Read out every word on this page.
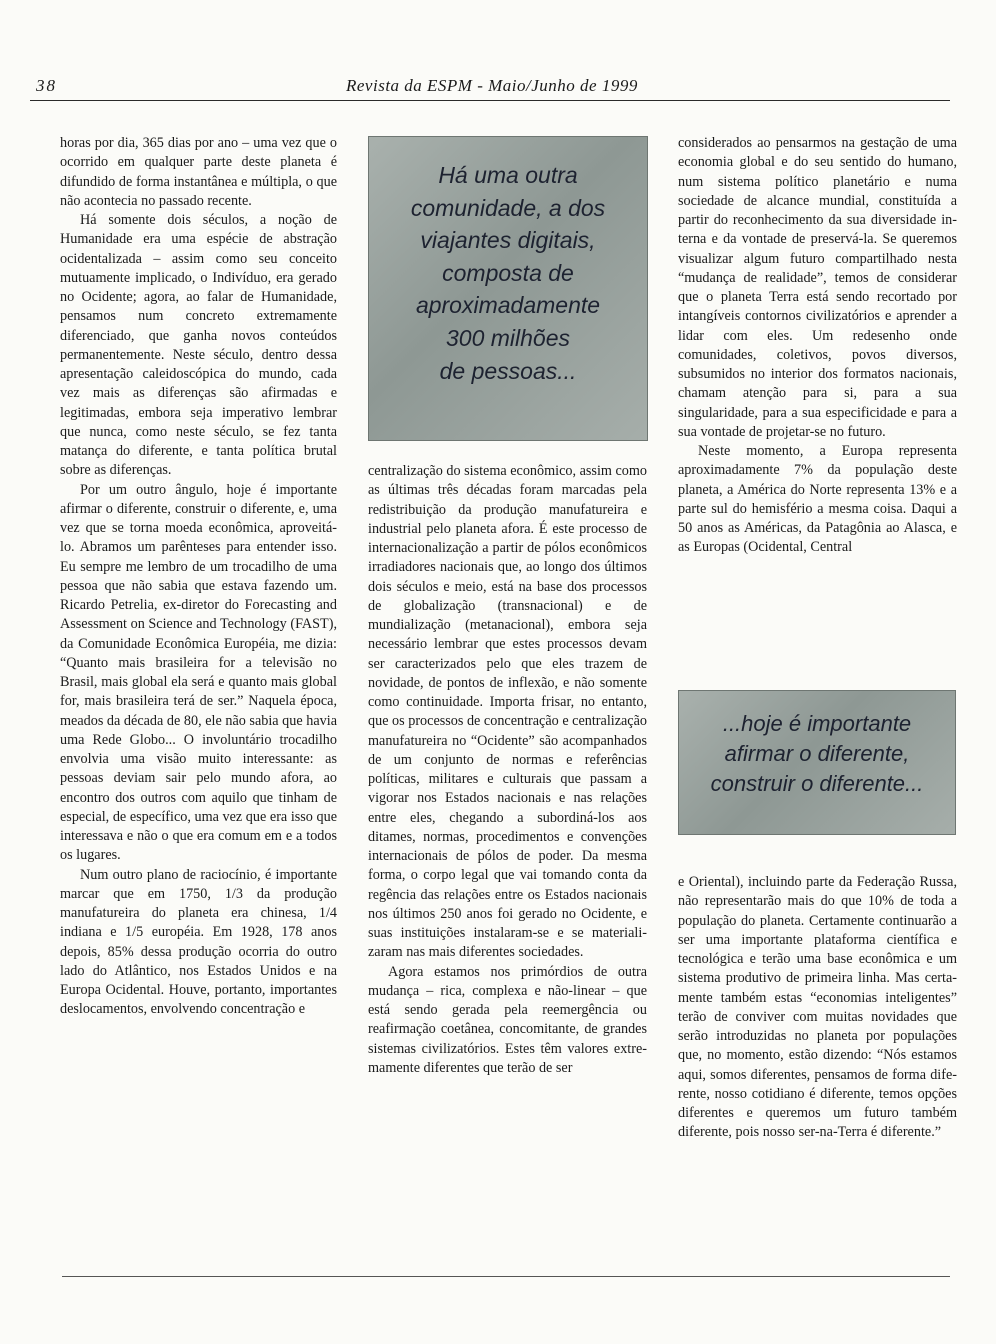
38	Revista da ESPM - Maio/Junho de 1999

horas por dia, 365 dias por ano – uma vez que o ocorrido em qualquer parte deste planeta é difundido de forma instantânea e múltipla, o que não acontecia no passado recente.

Há somente dois séculos, a noção de Humanidade era uma espécie de abstração ocidentalizada – assim como seu conceito mutuamente implicado, o Indivíduo, era gerado no Ocidente; agora, ao falar de Humanidade, pensamos num concreto extremamente diferenciado, que ganha novos conteúdos permanentemente. Neste século, dentro dessa apresentação caleidoscópica do mundo, cada vez mais as diferenças são afirmadas e legitimadas, embora seja imperativo lembrar que nunca, como neste século, se fez tanta matança do diferente, e tanta política brutal sobre as diferenças.

Por um outro ângulo, hoje é importante afirmar o diferente, construir o diferente, e, uma vez que se torna moeda econômica, aproveitá-lo. Abramos um parênteses para entender isso. Eu sempre me lembro de um trocadilho de uma pessoa que não sabia que estava fazendo um. Ricardo Petrelia, ex-diretor do Forecasting and Assessment on Science and Technology (FAST), da Comunidade Econômica Européia, me dizia: “Quanto mais brasileira for a televisão no Brasil, mais global ela será e quanto mais global for, mais brasileira terá de ser.” Naquela época, meados da década de 80, ele não sabia que havia uma Rede Globo... O involuntário trocadilho envolvia uma visão muito interessante: as pessoas deviam sair pelo mundo afora, ao encontro dos outros com aquilo que tinham de especial, de específico, uma vez que era isso que interessava e não o que era comum em e a todos os lugares.

Num outro plano de raciocínio, é importante marcar que em 1750, 1/3 da produção manufatureira do planeta era chinesa, 1/4 indiana e 1/5 européia. Em 1928, 178 anos depois, 85% dessa produção ocorria do outro lado do Atlântico, nos Estados Unidos e na Europa Ocidental. Houve, portanto, importantes deslocamentos, envolvendo concentração e

Há uma outra
comunidade, a dos
viajantes digitais,
composta de
aproximadamente
300 milhões
de pessoas...

centralização do sistema econômico, assim como as últimas três décadas foram marcadas pela redistribuição da produção manufatureira e industrial pelo planeta afora. É este processo de internacionalização a partir de pólos econômicos irradiadores nacionais que, ao longo dos últimos dois séculos e meio, está na base dos processos de globalização (transnacional) e de mundialização (metanacional), embora seja necessário lembrar que estes processos devam ser caracterizados pelo que eles trazem de novidade, de pontos de inflexão, e não somente como continuidade. Importa frisar, no entanto, que os processos de concentração e centralização manufatureira no “Ocidente” são acompanhados de um conjunto de normas e referências políticas, militares e culturais que passam a vigorar nos Estados nacionais e nas relações entre eles, chegando a subordiná-los aos ditames, normas, procedimentos e convenções internacionais de pólos de poder. Da mesma forma, o corpo legal que vai tomando conta da regência das relações entre os Estados nacionais nos últimos 250 anos foi gerado no Ocidente, e suas instituições instalaram-se e se materializaram nas mais diferentes sociedades.

Agora estamos nos primórdios de outra mudança – rica, complexa e não-linear – que está sendo gerada pela reemergência ou reafirmação coetânea, concomitante, de grandes sistemas civilizatórios. Estes têm valores extremamente diferentes que terão de ser

considerados ao pensarmos na gestação de uma economia global e do seu sentido do humano, num sistema político planetário e numa sociedade de alcance mundial, constituída a partir do reconhecimento da sua diversidade interna e da vontade de preservá-la. Se queremos visualizar algum futuro compartilhado nesta “mudança de realidade”, temos de considerar que o planeta Terra está sendo recortado por intangíveis contornos civilizatórios e aprender a lidar com eles. Um redesenho onde comunidades, coletivos, povos diversos, subsumidos no interior dos formatos nacionais, chamam atenção para si, para a sua singularidade, para a sua especificidade e para a sua vontade de projetar-se no futuro.

Neste momento, a Europa representa aproximadamente 7% da população deste planeta, a América do Norte representa 13% e a parte sul do hemisfério a mesma coisa. Daqui a 50 anos as Américas, da Patagônia ao Alasca, e as Europas (Ocidental, Central

...hoje é importante
afirmar o diferente,
construir o diferente...

e Oriental), incluindo parte da Federação Russa, não representarão mais do que 10% de toda a população do planeta. Certamente continuarão a ser uma importante plataforma científica e tecnológica e terão uma base econômica e um sistema produtivo de primeira linha. Mas certamente também estas “economias inteligentes” terão de conviver com muitas novidades que serão introduzidas no planeta por populações que, no momento, estão dizendo: “Nós estamos aqui, somos diferentes, pensamos de forma diferente, nosso cotidiano é diferente, temos opções diferentes e queremos um futuro também diferente, pois nosso ser-na-Terra é diferente.”
